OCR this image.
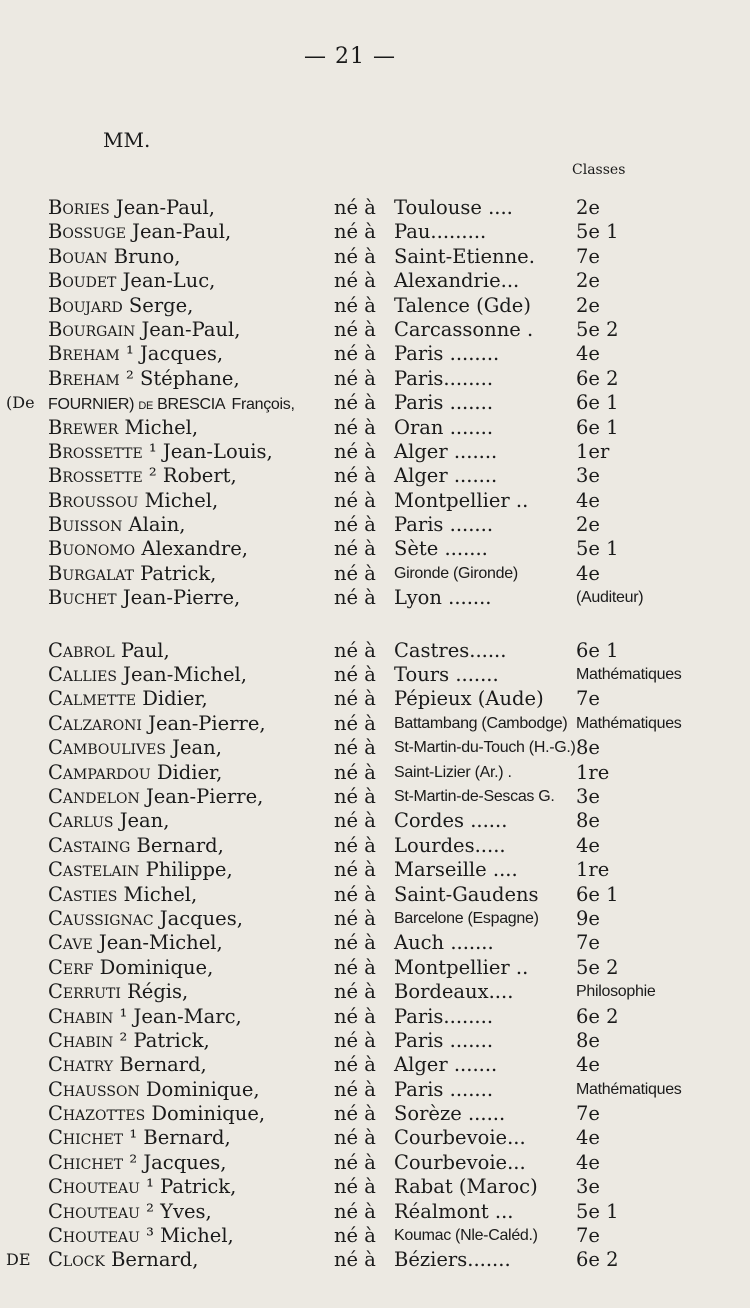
— 21 —
MM.
Classes
Bories Jean-Paul,	né à Toulouse ....	2e
Bossuge Jean-Paul,	né à Pau.........	5e 1
Bouan Bruno,	né à Saint-Etienne. 7e
Boudet Jean-Luc,	né à Alexandrie...	2e
Boujard Serge,	né à Talence (Gde) 2e
Bourgain Jean-Paul,	né à Carcassonne . 5e 2
Breham ¹ Jacques,	né à Paris ........	4e
Breham ² Stéphane,	né à Paris........	6e 2
(De FOURNIER) de BRESCIA François, né à Paris .......	6e 1
Brewer Michel,	né à Oran .......	6e 1
Brossette ¹ Jean-Louis,	né à Alger .......	1er
Brossette ² Robert,	né à Alger .......	3e
Broussou Michel,	né à Montpellier .. 4e
Buisson Alain,	né à Paris .......	2e
Buonomo Alexandre,	né à Sète .......	5e 1
Burgalat Patrick,	né à Gironde (Gironde)	4e
Buchet Jean-Pierre,	né à Lyon .......	(Auditeur)
Cabrol Paul,	né à Castres......	6e 1
Callies Jean-Michel,	né à Tours .......	Mathématiques
Calmette Didier,	né à Pépieux (Aude) 7e
Calzaroni Jean-Pierre,	né à Battambang (Cambodge) Mathématiques
Camboulives Jean,	né à St-Martin-du-Touch (H.-G.) 8e
Campardou Didier,	né à Saint-Lizier (Ar.) .	1re
Candelon Jean-Pierre,	né à St-Martin-de-Sescas G. 3e
Carlus Jean,	né à Cordes ......	8e
Castaing Bernard,	né à Lourdes.....	4e
Castelain Philippe,	né à Marseille ....	1re
Casties Michel,	né à Saint-Gaudens 6e 1
Caussignac Jacques,	né à Barcelone (Espagne) 9e
Cave Jean-Michel,	né à Auch .......	7e
Cerf Dominique,	né à Montpellier .. 5e 2
Cerruti Régis,	né à Bordeaux....	Philosophie
Chabin ¹ Jean-Marc,	né à Paris........	6e 2
Chabin ² Patrick,	né à Paris .......	8e
Chatry Bernard,	né à Alger .......	4e
Chausson Dominique,	né à Paris .......	Mathématiques
Chazottes Dominique,	né à Sorèze ......	7e
Chichet ¹ Bernard,	né à Courbevoie...	4e
Chichet ² Jacques,	né à Courbevoie...	4e
Chouteau ¹ Patrick,	né à Rabat (Maroc) 3e
Chouteau ² Yves,	né à Réalmont ...	5e 1
Chouteau ³ Michel,	né à Koumac (Nle-Caléd.) 7e
DE Clock Bernard,	né à Béziers.......	6e 2
